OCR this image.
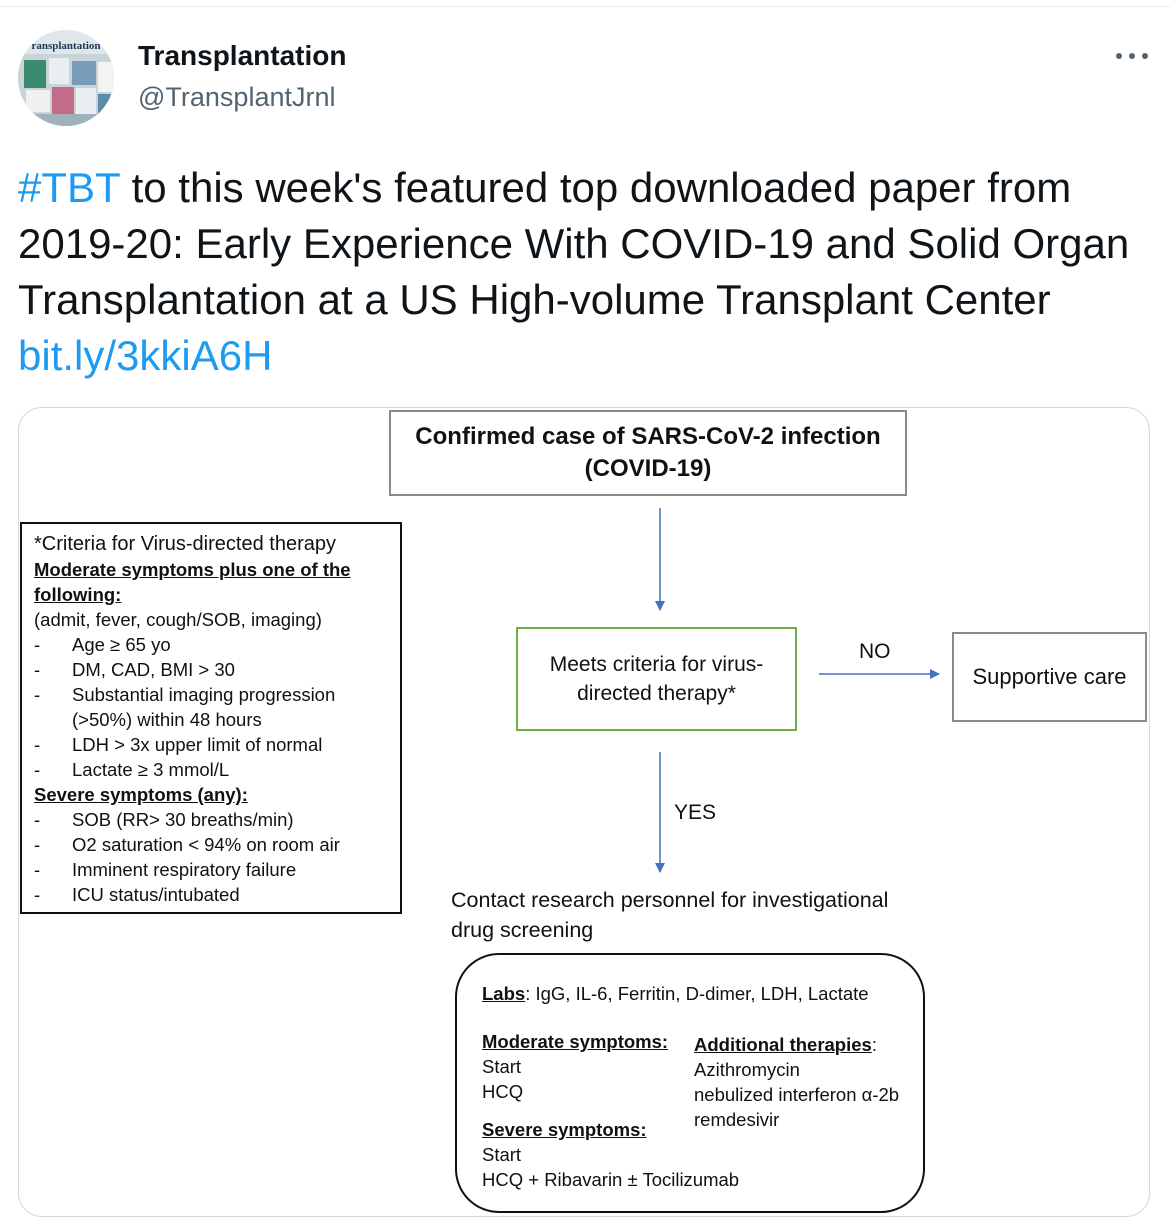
ransplantation	Transplantation
@TransplantJrnl
#TBT to this week's featured top downloaded paper from 2019-20: Early Experience With COVID-19 and Solid Organ Transplantation at a US High-volume Transplant Center bit.ly/3kkiA6H
Confirmed case of SARS-CoV-2 infection
(COVID-19)
*Criteria for Virus-directed therapy
Moderate symptoms plus one of the
following:
(admit, fever, cough/SOB, imaging)
- Age ≥ 65 yo
- DM, CAD, BMI > 30
- Substantial imaging progression
(>50%) within 48 hours
- LDH > 3x upper limit of normal
- Lactate ≥ 3 mmol/L
Severe symptoms (any):
- SOB (RR> 30 breaths/min)
- O2 saturation < 94% on room air
- Imminent respiratory failure
- ICU status/intubated
Meets criteria for virus-
directed therapy*
NO
Supportive care
YES
Contact research personnel for investigational
drug screening
Labs: IgG, IL-6, Ferritin, D-dimer, LDH, Lactate
Moderate symptoms:
Start
HCQ
Additional therapies:
Azithromycin
nebulized interferon α-2b
remdesivir
Severe symptoms:
Start
HCQ + Ribavarin ± Tocilizumab
